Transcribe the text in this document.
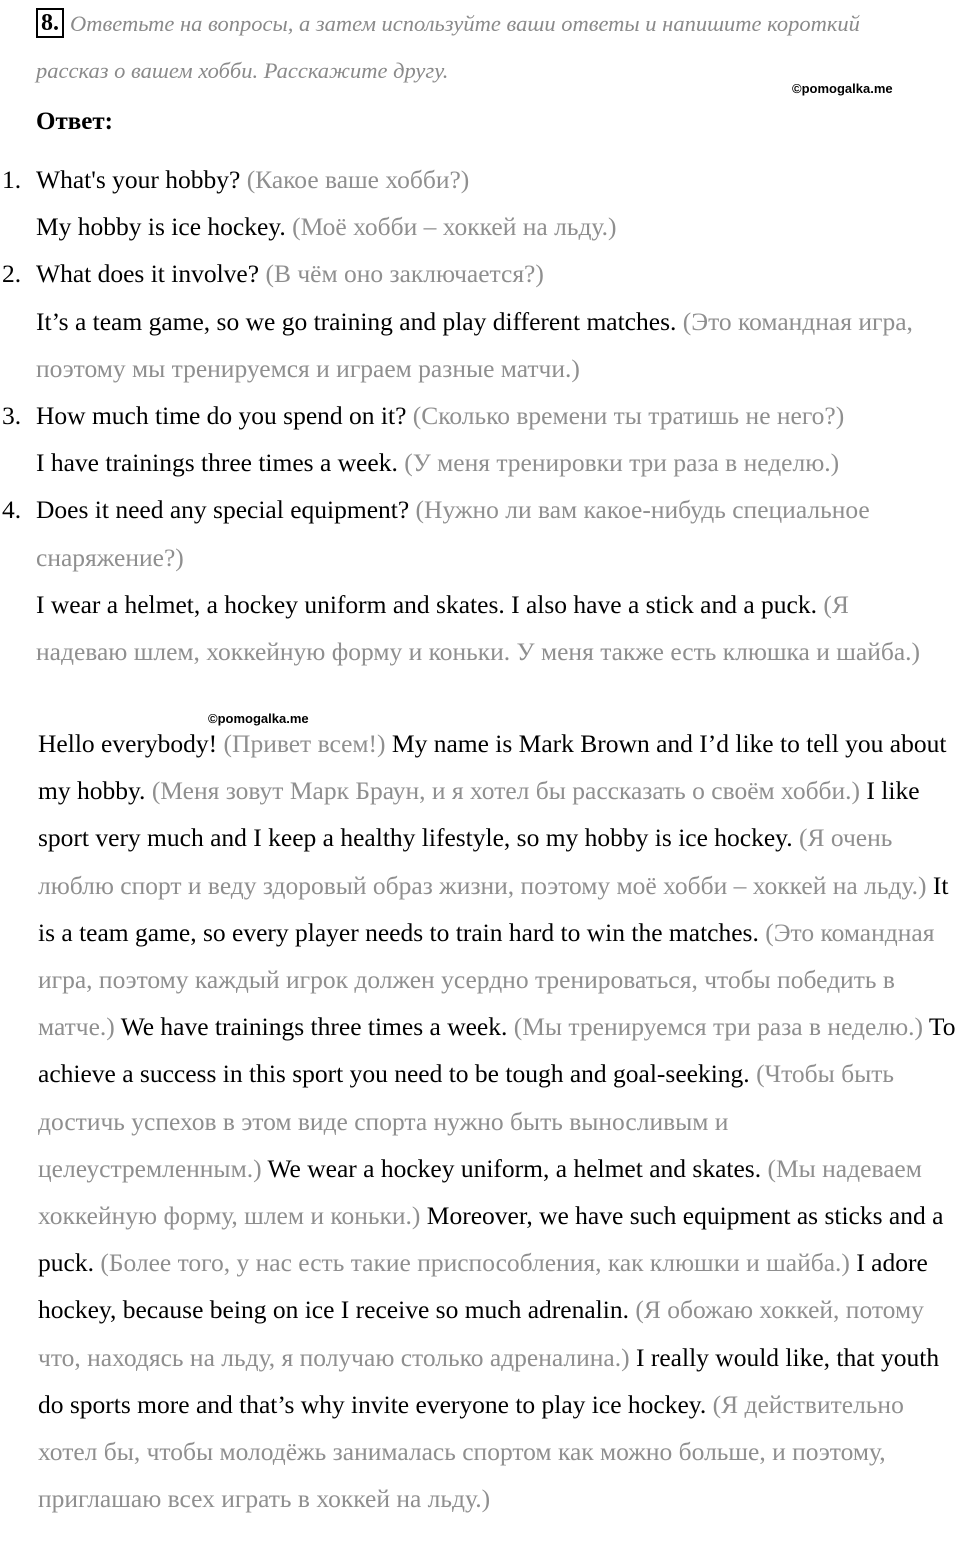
8. Ответьте на вопросы, а затем используйте ваши ответы и напишите короткий рассказ о вашем хобби. Расскажите другу.
©pomogalka.me
Ответ:
1. What's your hobby? (Какое ваше хобби?)
My hobby is ice hockey. (Моё хобби – хоккей на льду.)
2. What does it involve? (В чём оно заключается?)
It’s a team game, so we go training and play different matches. (Это командная игра, поэтому мы тренируемся и играем разные матчи.)
3. How much time do you spend on it? (Сколько времени ты тратишь не него?)
I have trainings three times a week. (У меня тренировки три раза в неделю.)
4. Does it need any special equipment? (Нужно ли вам какое-нибудь специальное снаряжение?)
I wear a helmet, a hockey uniform and skates. I also have a stick and a puck. (Я надеваю шлем, хоккейную форму и коньки. У меня также есть клюшка и шайба.)
©pomogalka.me
Hello everybody! (Привет всем!) My name is Mark Brown and I’d like to tell you about my hobby. (Меня зовут Марк Браун, и я хотел бы рассказать о своём хобби.) I like sport very much and I keep a healthy lifestyle, so my hobby is ice hockey. (Я очень люблю спорт и веду здоровый образ жизни, поэтому моё хобби – хоккей на льду.) It is a team game, so every player needs to train hard to win the matches. (Это командная игра, поэтому каждый игрок должен усердно тренироваться, чтобы победить в матче.) We have trainings three times a week. (Мы тренируемся три раза в неделю.) To achieve a success in this sport you need to be tough and goal-seeking. (Чтобы быть достичь успехов в этом виде спорта нужно быть выносливым и целеустремленным.) We wear a hockey uniform, a helmet and skates. (Мы надеваем хоккейную форму, шлем и коньки.) Moreover, we have such equipment as sticks and a puck. (Более того, у нас есть такие приспособления, как клюшки и шайба.) I adore hockey, because being on ice I receive so much adrenalin. (Я обожаю хоккей, потому что, находясь на льду, я получаю столько адреналина.) I really would like, that youth do sports more and that’s why invite everyone to play ice hockey. (Я действительно хотел бы, чтобы молодёжь занималась спортом как можно больше, и поэтому, приглашаю всех играть в хоккей на льду.)
